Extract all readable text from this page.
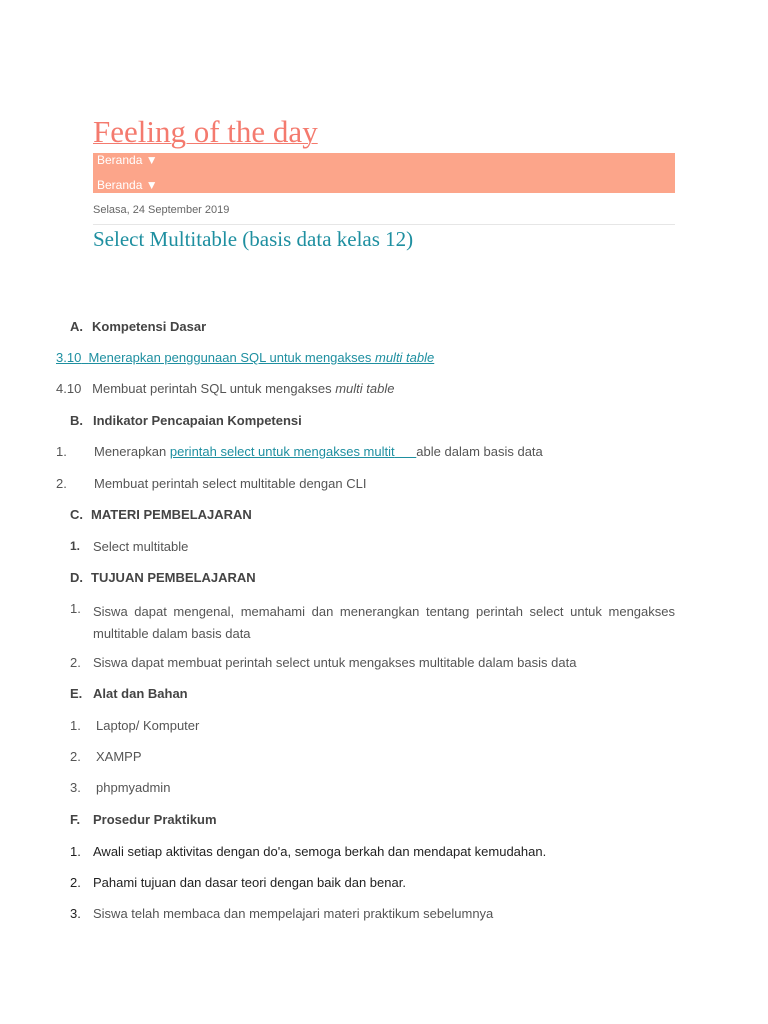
Feeling of the day
Beranda ▼
Beranda ▼
Selasa, 24 September 2019
Select Multitable (basis data kelas 12)
A. Kompetensi Dasar
3.10 Menerapkan penggunaan SQL untuk mengakses multi table
4.10 Membuat perintah SQL untuk mengakses multi table
B. Indikator Pencapaian Kompetensi
1. Menerapkan perintah select untuk mengakses multit able dalam basis data
2. Membuat perintah select multitable dengan CLI
C. MATERI PEMBELAJARAN
1. Select multitable
D. TUJUAN PEMBELAJARAN
1. Siswa dapat mengenal, memahami dan menerangkan tentang perintah select untuk mengakses multitable dalam basis data
2. Siswa dapat membuat perintah select untuk mengakses multitable dalam basis data
E. Alat dan Bahan
1. Laptop/ Komputer
2. XAMPP
3. phpmyadmin
F. Prosedur Praktikum
1. Awali setiap aktivitas dengan do'a, semoga berkah dan mendapat kemudahan.
2. Pahami tujuan dan dasar teori dengan baik dan benar.
3. Siswa telah membaca dan mempelajari materi praktikum sebelumnya
